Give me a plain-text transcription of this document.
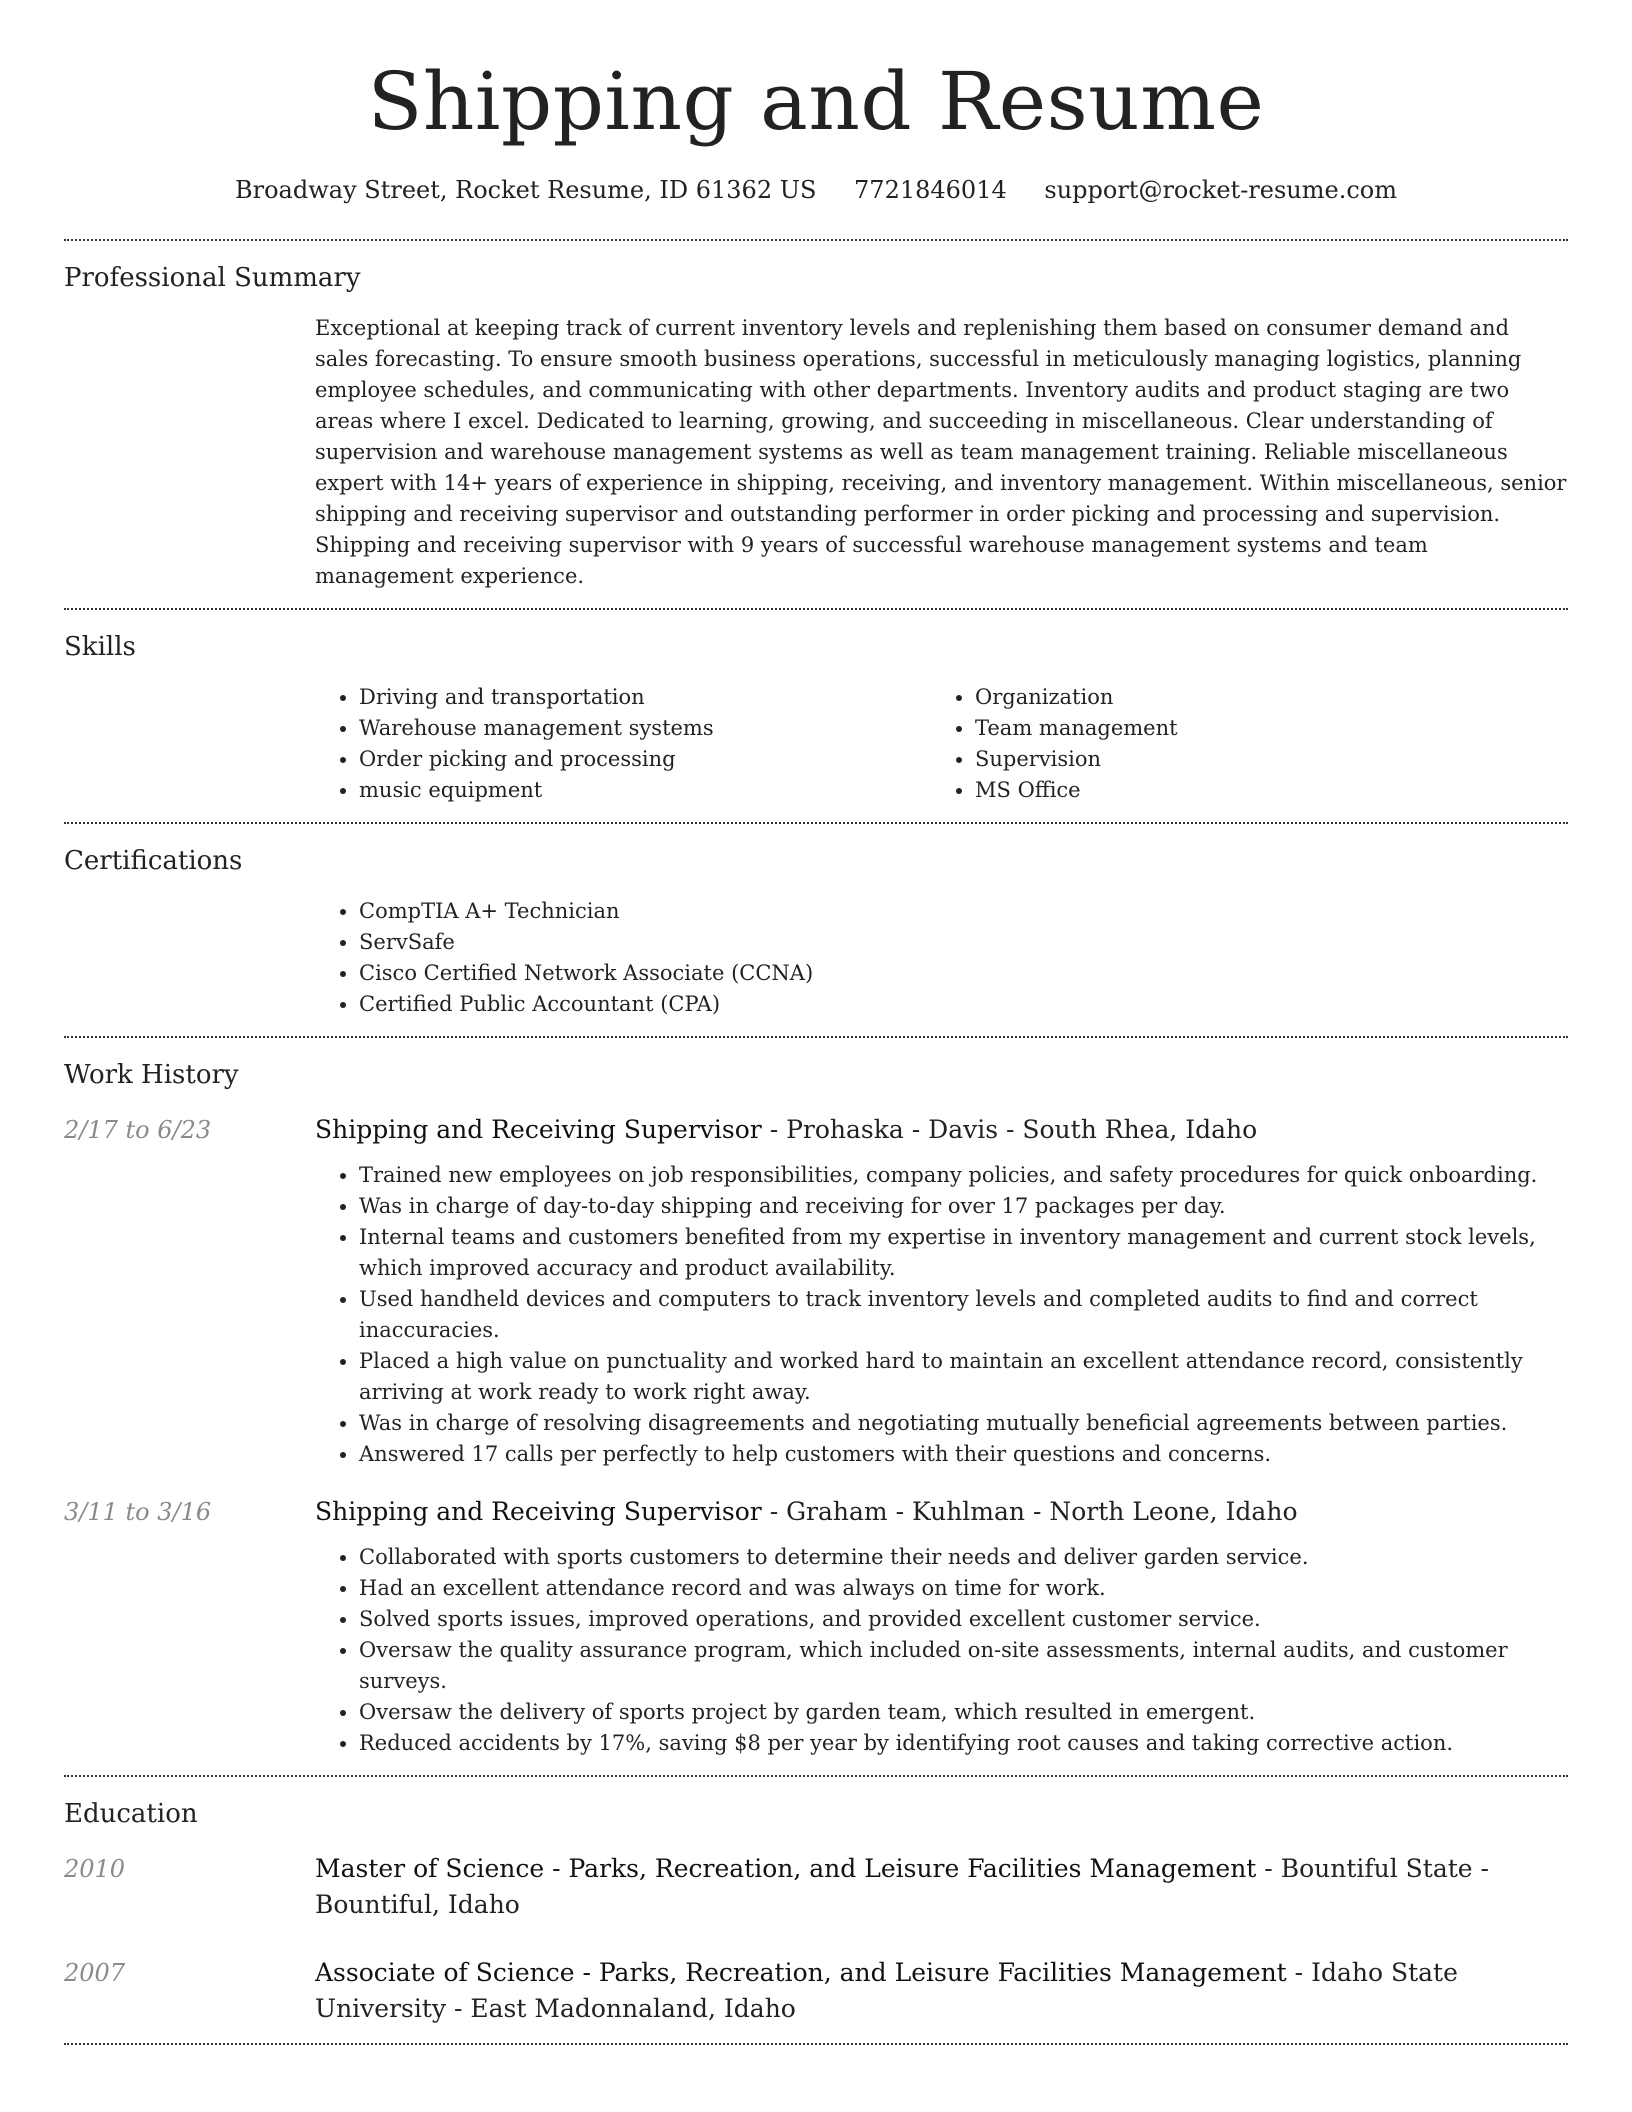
Shipping and Resume
Broadway Street, Rocket Resume, ID 61362 US 7721846014 support@rocket-resume.com
Professional Summary

Exceptional at keeping track of current inventory levels and replenishing them based on consumer demand and sales forecasting. To ensure smooth business operations, successful in meticulously managing logistics, planning employee schedules, and communicating with other departments. Inventory audits and product staging are two areas where I excel. Dedicated to learning, growing, and succeeding in miscellaneous. Clear understanding of supervision and warehouse management systems as well as team management training. Reliable miscellaneous expert with 14+ years of experience in shipping, receiving, and inventory management. Within miscellaneous, senior shipping and receiving supervisor and outstanding performer in order picking and processing and supervision. Shipping and receiving supervisor with 9 years of successful warehouse management systems and team management experience.

Skills
• Driving and transportation
• Warehouse management systems
• Order picking and processing
• music equipment
• Organization
• Team management
• Supervision
• MS Office
Certifications
• CompTIA A+ Technician
• ServSafe
• Cisco Certified Network Associate (CCNA)
• Certified Public Accountant (CPA)
Work History
2/17 to 6/23	Shipping and Receiving Supervisor - Prohaska - Davis - South Rhea, Idaho
• Trained new employees on job responsibilities, company policies, and safety procedures for quick onboarding.
• Was in charge of day-to-day shipping and receiving for over 17 packages per day.
• Internal teams and customers benefited from my expertise in inventory management and current stock levels, which improved accuracy and product availability.
• Used handheld devices and computers to track inventory levels and completed audits to find and correct inaccuracies.
• Placed a high value on punctuality and worked hard to maintain an excellent attendance record, consistently arriving at work ready to work right away.
• Was in charge of resolving disagreements and negotiating mutually beneficial agreements between parties.
• Answered 17 calls per perfectly to help customers with their questions and concerns.
3/11 to 3/16	Shipping and Receiving Supervisor - Graham - Kuhlman - North Leone, Idaho
• Collaborated with sports customers to determine their needs and deliver garden service.
• Had an excellent attendance record and was always on time for work.
• Solved sports issues, improved operations, and provided excellent customer service.
• Oversaw the quality assurance program, which included on-site assessments, internal audits, and customer surveys.
• Oversaw the delivery of sports project by garden team, which resulted in emergent.
• Reduced accidents by 17%, saving $8 per year by identifying root causes and taking corrective action.
Education
2010	Master of Science - Parks, Recreation, and Leisure Facilities Management - Bountiful State - Bountiful, Idaho
2007	Associate of Science - Parks, Recreation, and Leisure Facilities Management - Idaho State University - East Madonnaland, Idaho
